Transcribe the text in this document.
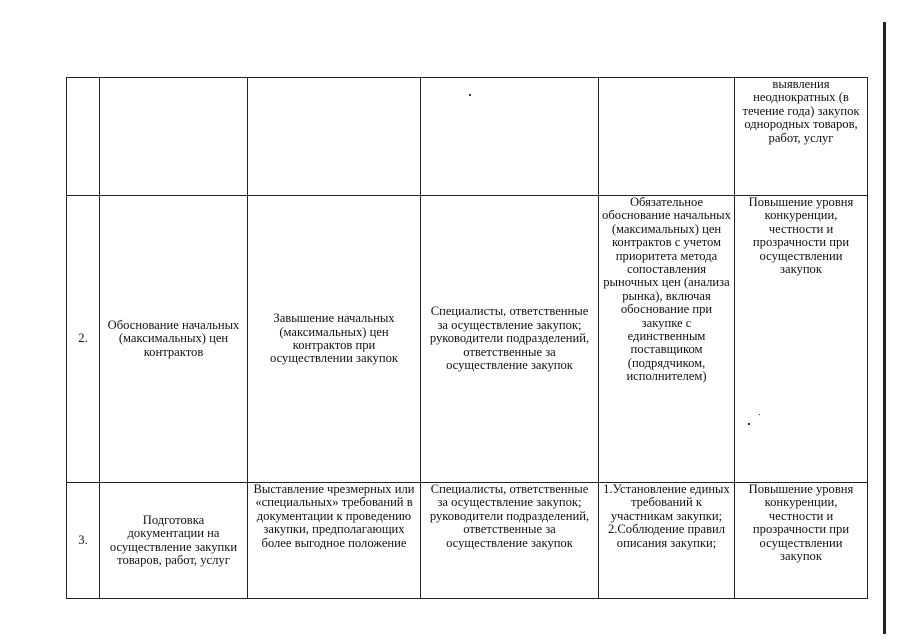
					выявления неоднократных (в течение года) закупок однородных товаров, работ, услуг
2.	Обоснование начальных (максимальных) цен контрактов	Завышение начальных (максимальных) цен контрактов при осуществлении закупок	Специалисты, ответственные за осуществление закупок; руководители подразделений, ответственные за осуществление закупок	Обязательное обоснование начальных (максимальных) цен контрактов с учетом приоритета метода сопоставления рыночных цен (анализа рынка), включая обоснование при закупке с единственным поставщиком (подрядчиком, исполнителем)	Повышение уровня конкуренции, честности и прозрачности при осуществлении закупок
3.	Подготовка документации на осуществление закупки товаров, работ, услуг	Выставление чрезмерных или «специальных» требований в документации к проведению закупки, предполагающих более выгодное положение	Специалисты, ответственные за осуществление закупок; руководители подразделений, ответственные за осуществление закупок	1.Установление единых требований к участникам закупки; 2.Соблюдение правил описания закупки;	Повышение уровня конкуренции, честности и прозрачности при осуществлении закупок
